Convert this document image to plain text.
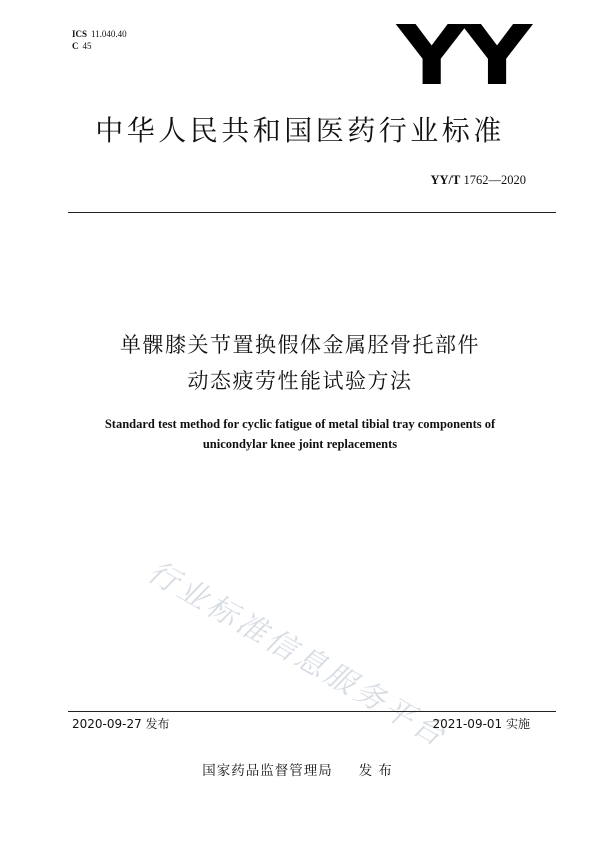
ICS 11.040.40
C 45	YY
中华人民共和国医药行业标准
YY/T 1762—2020
单髁膝关节置换假体金属胫骨托部件
动态疲劳性能试验方法
Standard test method for cyclic fatigue of metal tibial tray components of
unicondylar knee joint replacements
行业标准信息服务平台
2020-09-27 发布	2021-09-01 实施
国家药品监督管理局 发布
